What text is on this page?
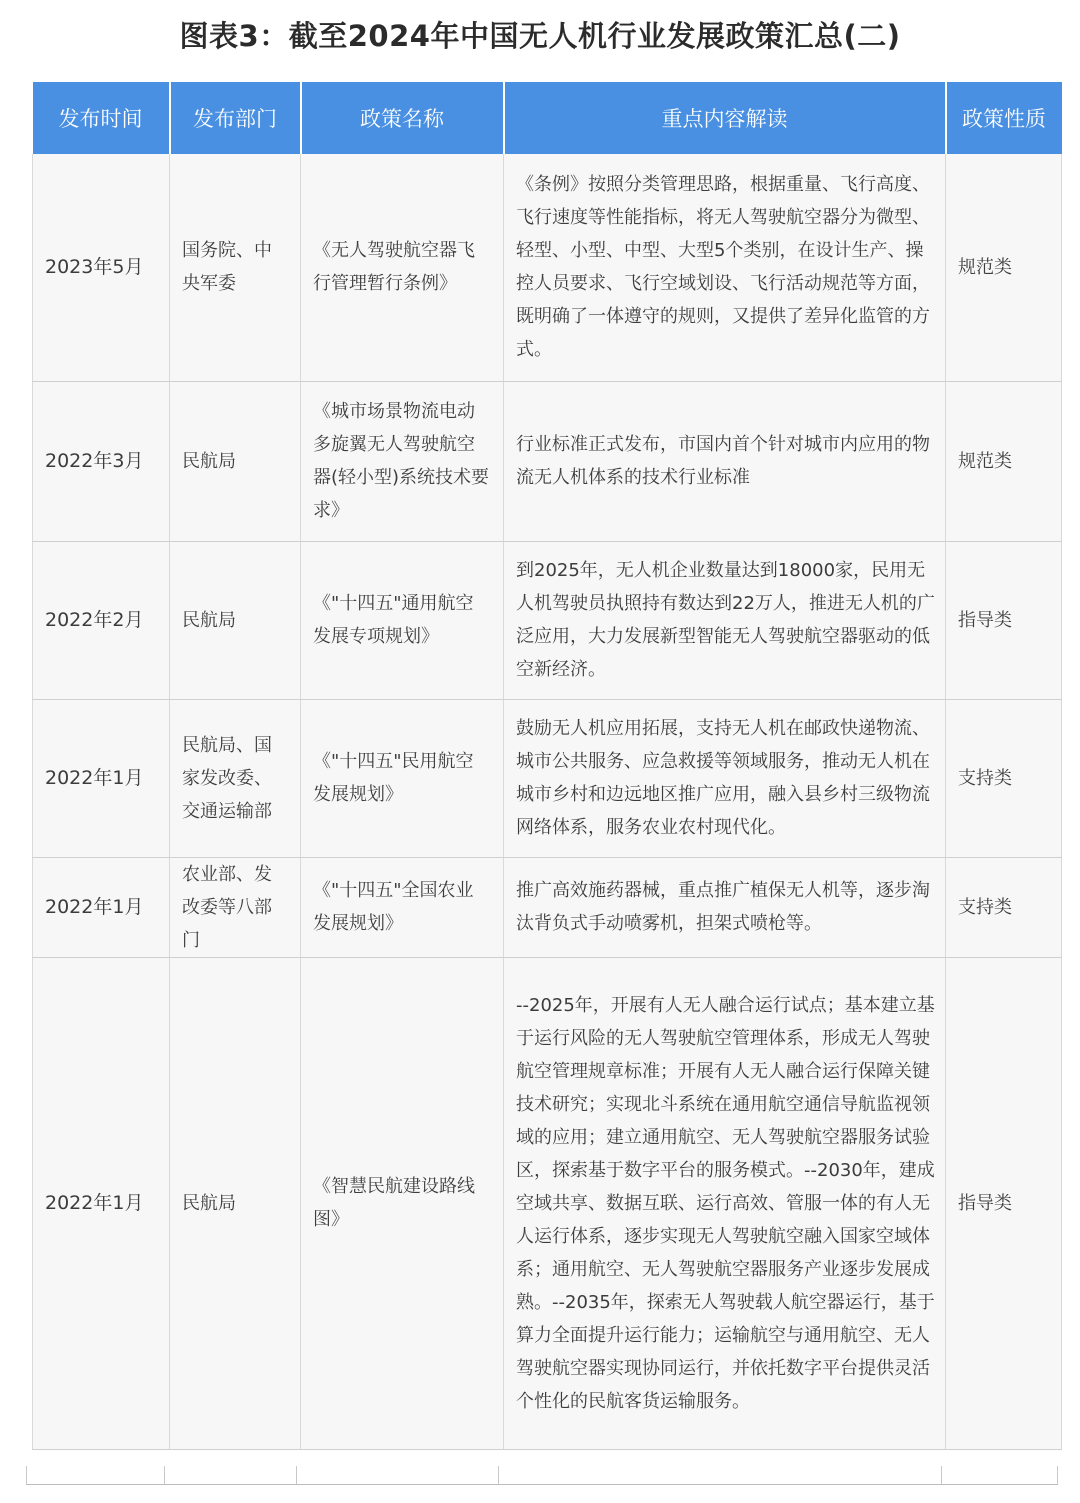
图表3：截至2024年中国无人机行业发展政策汇总(二)
发布时间	发布部门	政策名称	重点内容解读	政策性质
2023年5月	国务院、中央军委	《无人驾驶航空器飞行管理暂行条例》	《条例》按照分类管理思路，根据重量、飞行高度、飞行速度等性能指标，将无人驾驶航空器分为微型、轻型、小型、中型、大型5个类别，在设计生产、操控人员要求、飞行空域划设、飞行活动规范等方面，既明确了一体遵守的规则，又提供了差异化监管的方式。	规范类
2022年3月	民航局	《城市场景物流电动多旋翼无人驾驶航空器(轻小型)系统技术要求》	行业标准正式发布，市国内首个针对城市内应用的物流无人机体系的技术行业标准	规范类
2022年2月	民航局	《"十四五"通用航空发展专项规划》	到2025年，无人机企业数量达到18000家，民用无人机驾驶员执照持有数达到22万人，推进无人机的广泛应用，大力发展新型智能无人驾驶航空器驱动的低空新经济。	指导类
2022年1月	民航局、国家发改委、交通运输部	《"十四五"民用航空发展规划》	鼓励无人机应用拓展，支持无人机在邮政快递物流、城市公共服务、应急救援等领域服务，推动无人机在城市乡村和边远地区推广应用，融入县乡村三级物流网络体系，服务农业农村现代化。	支持类
2022年1月	农业部、发改委等八部门	《"十四五"全国农业发展规划》	推广高效施药器械，重点推广植保无人机等，逐步淘汰背负式手动喷雾机，担架式喷枪等。	支持类
2022年1月	民航局	《智慧民航建设路线图》	--2025年，开展有人无人融合运行试点；基本建立基于运行风险的无人驾驶航空管理体系，形成无人驾驶航空管理规章标准；开展有人无人融合运行保障关键技术研究；实现北斗系统在通用航空通信导航监视领域的应用；建立通用航空、无人驾驶航空器服务试验区，探索基于数字平台的服务模式。--2030年，建成空域共享、数据互联、运行高效、管服一体的有人无人运行体系，逐步实现无人驾驶航空融入国家空域体系；通用航空、无人驾驶航空器服务产业逐步发展成熟。--2035年，探索无人驾驶载人航空器运行，基于算力全面提升运行能力；运输航空与通用航空、无人驾驶航空器实现协同运行，并依托数字平台提供灵活个性化的民航客货运输服务。	指导类
